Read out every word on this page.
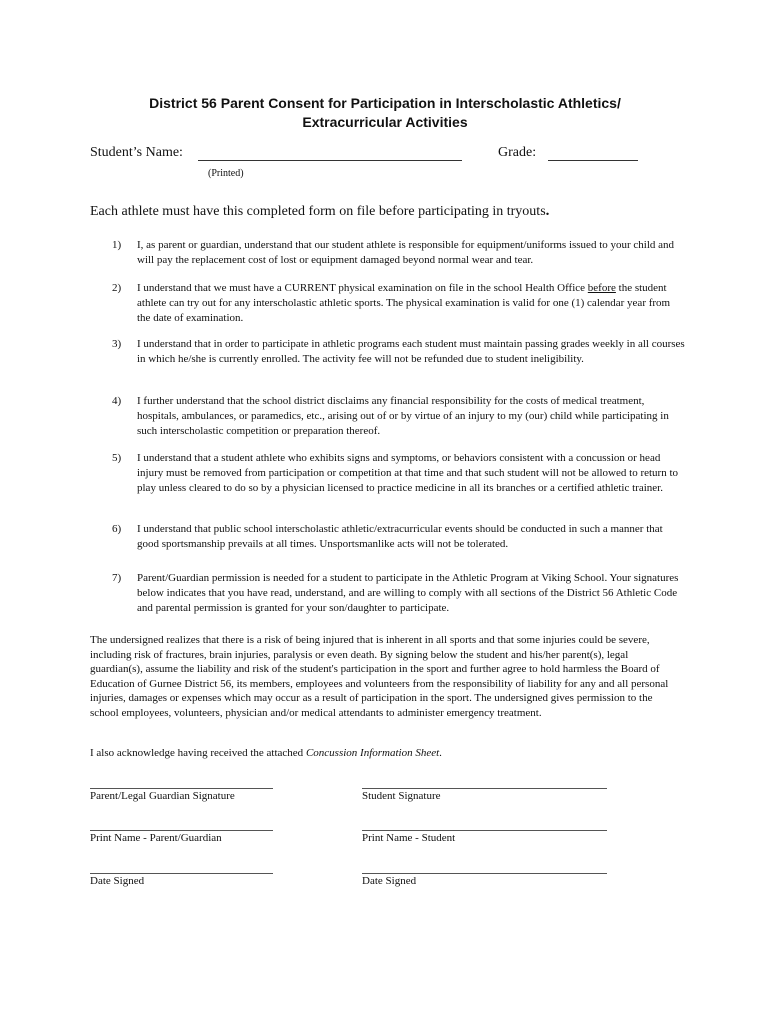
District 56 Parent Consent for Participation in Interscholastic Athletics/
Extracurricular Activities
Student’s Name:	Grade:
(Printed)
Each athlete must have this completed form on file before participating in tryouts.
1)	I, as parent or guardian, understand that our student athlete is responsible for equipment/uniforms issued to your child and will pay the replacement cost of lost or equipment damaged beyond normal wear and tear.
2)	I understand that we must have a CURRENT physical examination on file in the school Health Office before the student athlete can try out for any interscholastic athletic sports. The physical examination is valid for one (1) calendar year from the date of examination.
3)	I understand that in order to participate in athletic programs each student must maintain passing grades weekly in all courses in which he/she is currently enrolled. The activity fee will not be refunded due to student ineligibility.
4)	I further understand that the school district disclaims any financial responsibility for the costs of medical treatment, hospitals, ambulances, or paramedics, etc., arising out of or by virtue of an injury to my (our) child while participating in such interscholastic competition or preparation thereof.
5)	I understand that a student athlete who exhibits signs and symptoms, or behaviors consistent with a concussion or head injury must be removed from participation or competition at that time and that such student will not be allowed to return to play unless cleared to do so by a physician licensed to practice medicine in all its branches or a certified athletic trainer.
6)	I understand that public school interscholastic athletic/extracurricular events should be conducted in such a manner that good sportsmanship prevails at all times. Unsportsmanlike acts will not be tolerated.
7)	Parent/Guardian permission is needed for a student to participate in the Athletic Program at Viking School. Your signatures below indicates that you have read, understand, and are willing to comply with all sections of the District 56 Athletic Code and parental permission is granted for your son/daughter to participate.
The undersigned realizes that there is a risk of being injured that is inherent in all sports and that some injuries could be severe, including risk of fractures, brain injuries, paralysis or even death. By signing below the student and his/her parent(s), legal guardian(s), assume the liability and risk of the student's participation in the sport and further agree to hold harmless the Board of Education of Gurnee District 56, its members, employees and volunteers from the responsibility of liability for any and all personal injuries, damages or expenses which may occur as a result of participation in the sport. The undersigned gives permission to the school employees, volunteers, physician and/or medical attendants to administer emergency treatment.
I also acknowledge having received the attached Concussion Information Sheet.
Parent/Legal Guardian Signature	Student Signature
Print Name - Parent/Guardian	Print Name - Student
Date Signed	Date Signed
